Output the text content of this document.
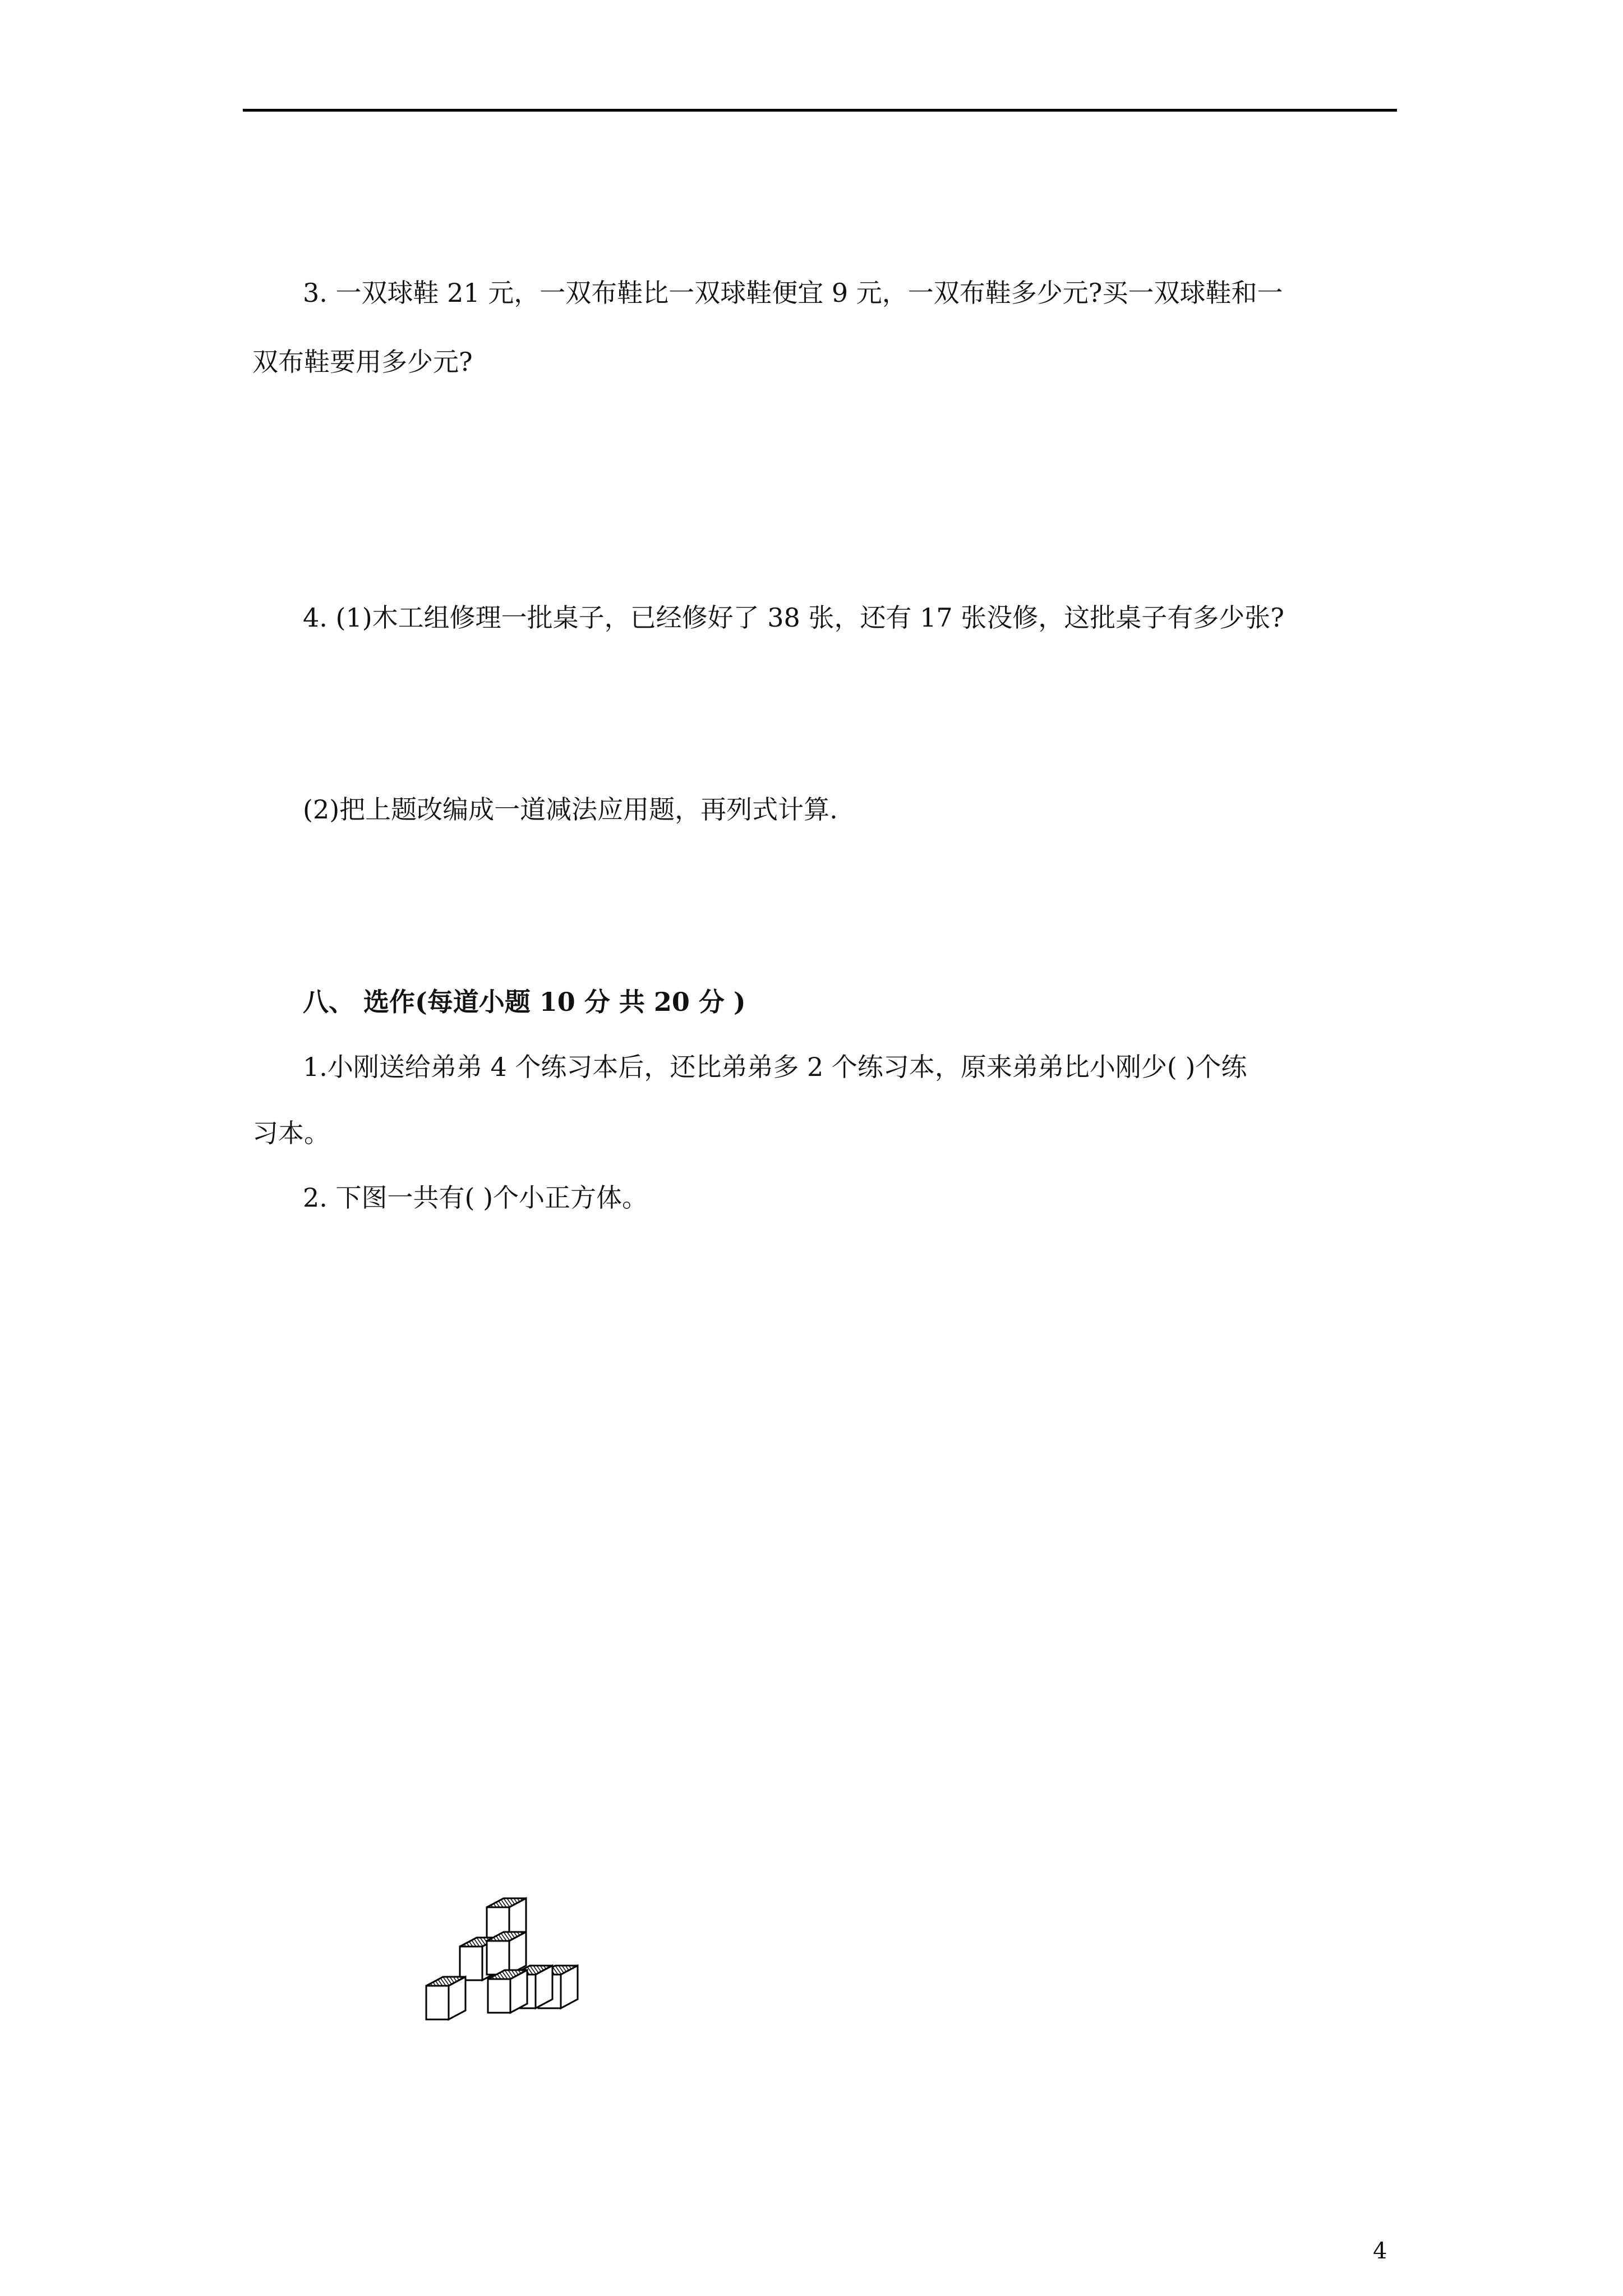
3. 一双球鞋 21 元，一双布鞋比一双球鞋便宜 9 元，一双布鞋多少元?买一双球鞋和一
双布鞋要用多少元?
4. (1)木工组修理一批桌子，已经修好了 38 张，还有 17 张没修，这批桌子有多少张?
(2)把上题改编成一道减法应用题，再列式计算.
八、 选作(每道小题 10 分 共 20 分 )
1.小刚送给弟弟 4 个练习本后，还比弟弟多 2 个练习本，原来弟弟比小刚少( )个练
习本。
2. 下图一共有( )个小正方体。
4
